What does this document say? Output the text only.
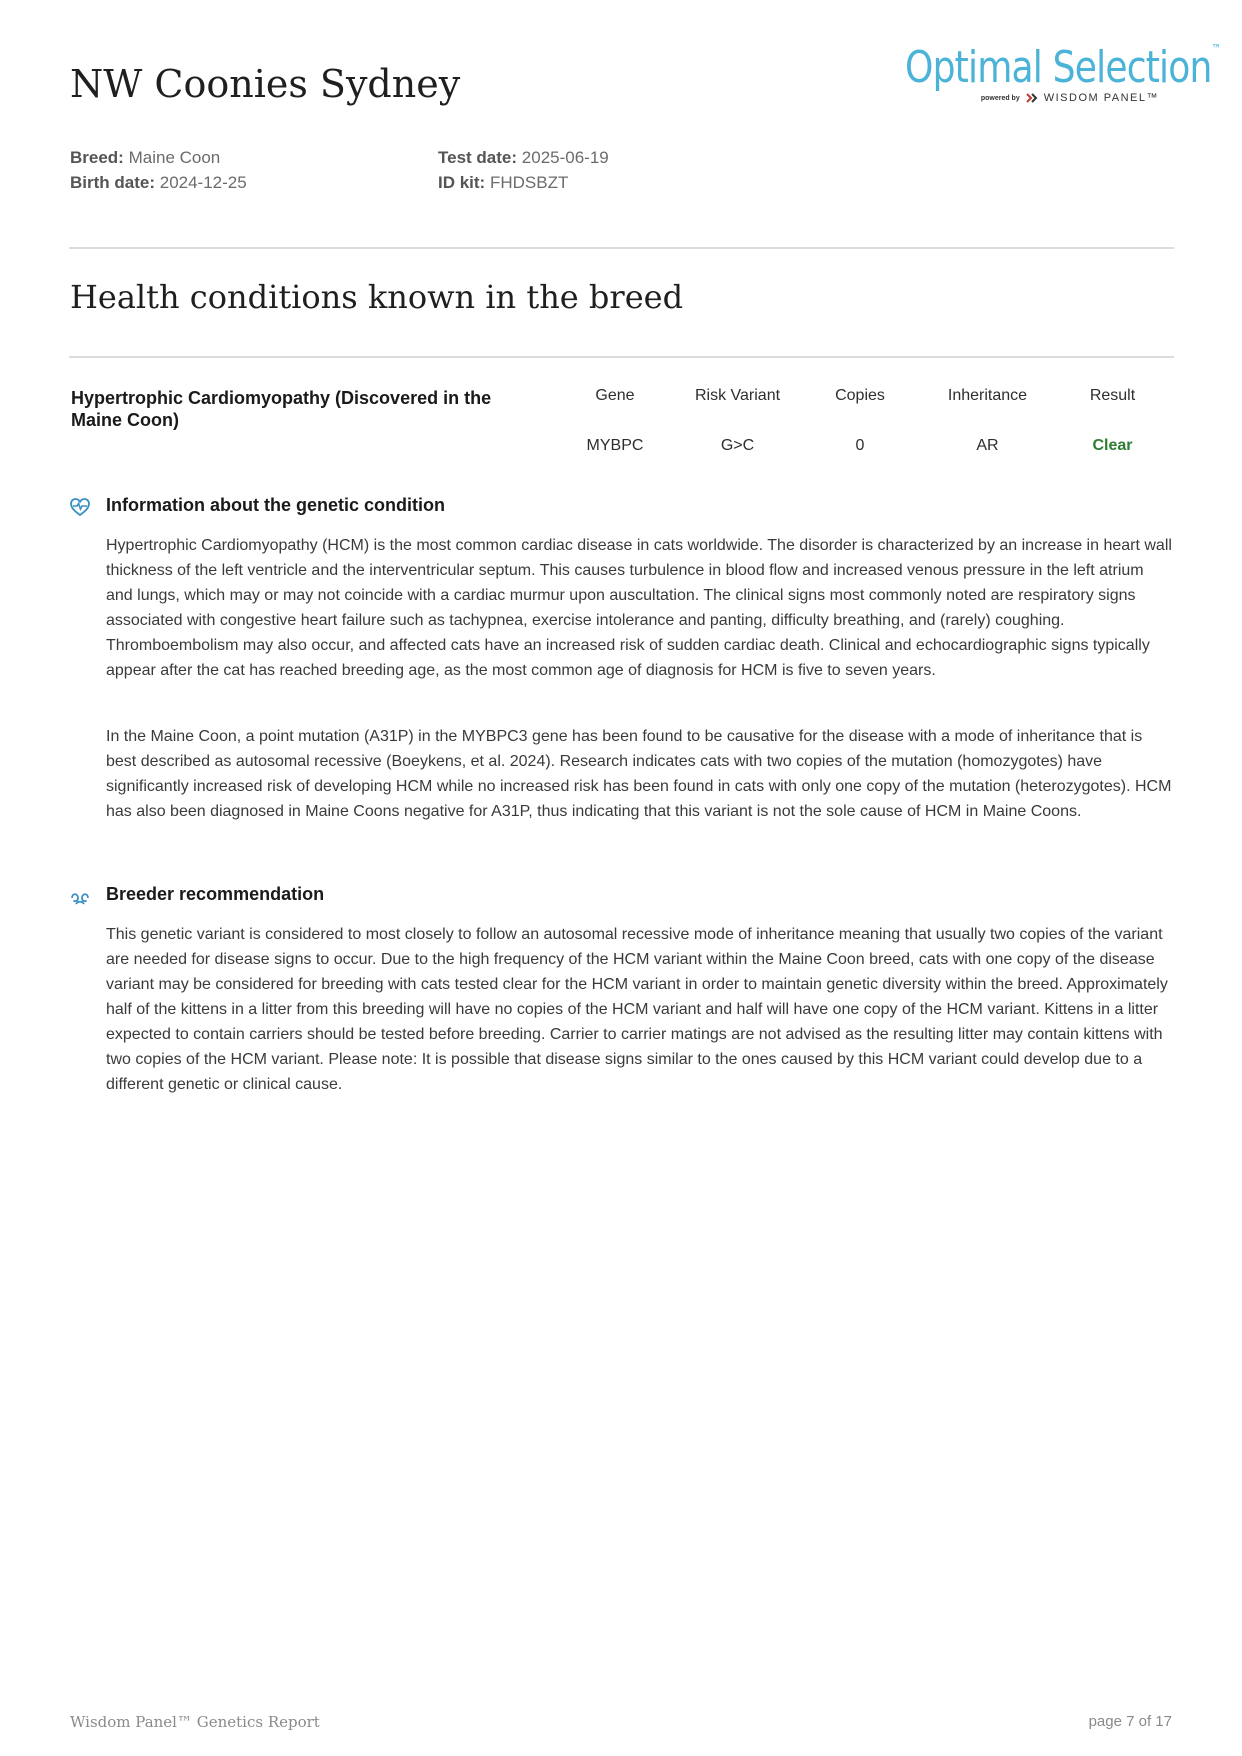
NW Coonies Sydney	Optimal Selection™
powered by WISDOM PANEL™
Breed: Maine Coon
Birth date: 2024-12-25
Test date: 2025-06-19
ID kit: FHDSBZT
Health conditions known in the breed
Hypertrophic Cardiomyopathy (Discovered in the Maine Coon)
Gene	Risk Variant	Copies	Inheritance	Result
MYBPC	G>C	0	AR	Clear
Information about the genetic condition

Hypertrophic Cardiomyopathy (HCM) is the most common cardiac disease in cats worldwide. The disorder is characterized by an increase in heart wall thickness of the left ventricle and the interventricular septum. This causes turbulence in blood flow and increased venous pressure in the left atrium and lungs, which may or may not coincide with a cardiac murmur upon auscultation. The clinical signs most commonly noted are respiratory signs associated with congestive heart failure such as tachypnea, exercise intolerance and panting, difficulty breathing, and (rarely) coughing. Thromboembolism may also occur, and affected cats have an increased risk of sudden cardiac death. Clinical and echocardiographic signs typically appear after the cat has reached breeding age, as the most common age of diagnosis for HCM is five to seven years.

In the Maine Coon, a point mutation (A31P) in the MYBPC3 gene has been found to be causative for the disease with a mode of inheritance that is best described as autosomal recessive (Boeykens, et al. 2024). Research indicates cats with two copies of the mutation (homozygotes) have significantly increased risk of developing HCM while no increased risk has been found in cats with only one copy of the mutation (heterozygotes). HCM has also been diagnosed in Maine Coons negative for A31P, thus indicating that this variant is not the sole cause of HCM in Maine Coons.

Breeder recommendation

This genetic variant is considered to most closely to follow an autosomal recessive mode of inheritance meaning that usually two copies of the variant are needed for disease signs to occur. Due to the high frequency of the HCM variant within the Maine Coon breed, cats with one copy of the disease variant may be considered for breeding with cats tested clear for the HCM variant in order to maintain genetic diversity within the breed. Approximately half of the kittens in a litter from this breeding will have no copies of the HCM variant and half will have one copy of the HCM variant. Kittens in a litter expected to contain carriers should be tested before breeding. Carrier to carrier matings are not advised as the resulting litter may contain kittens with two copies of the HCM variant. Please note: It is possible that disease signs similar to the ones caused by this HCM variant could develop due to a different genetic or clinical cause.

Wisdom Panel™ Genetics Report	page 7 of 17
